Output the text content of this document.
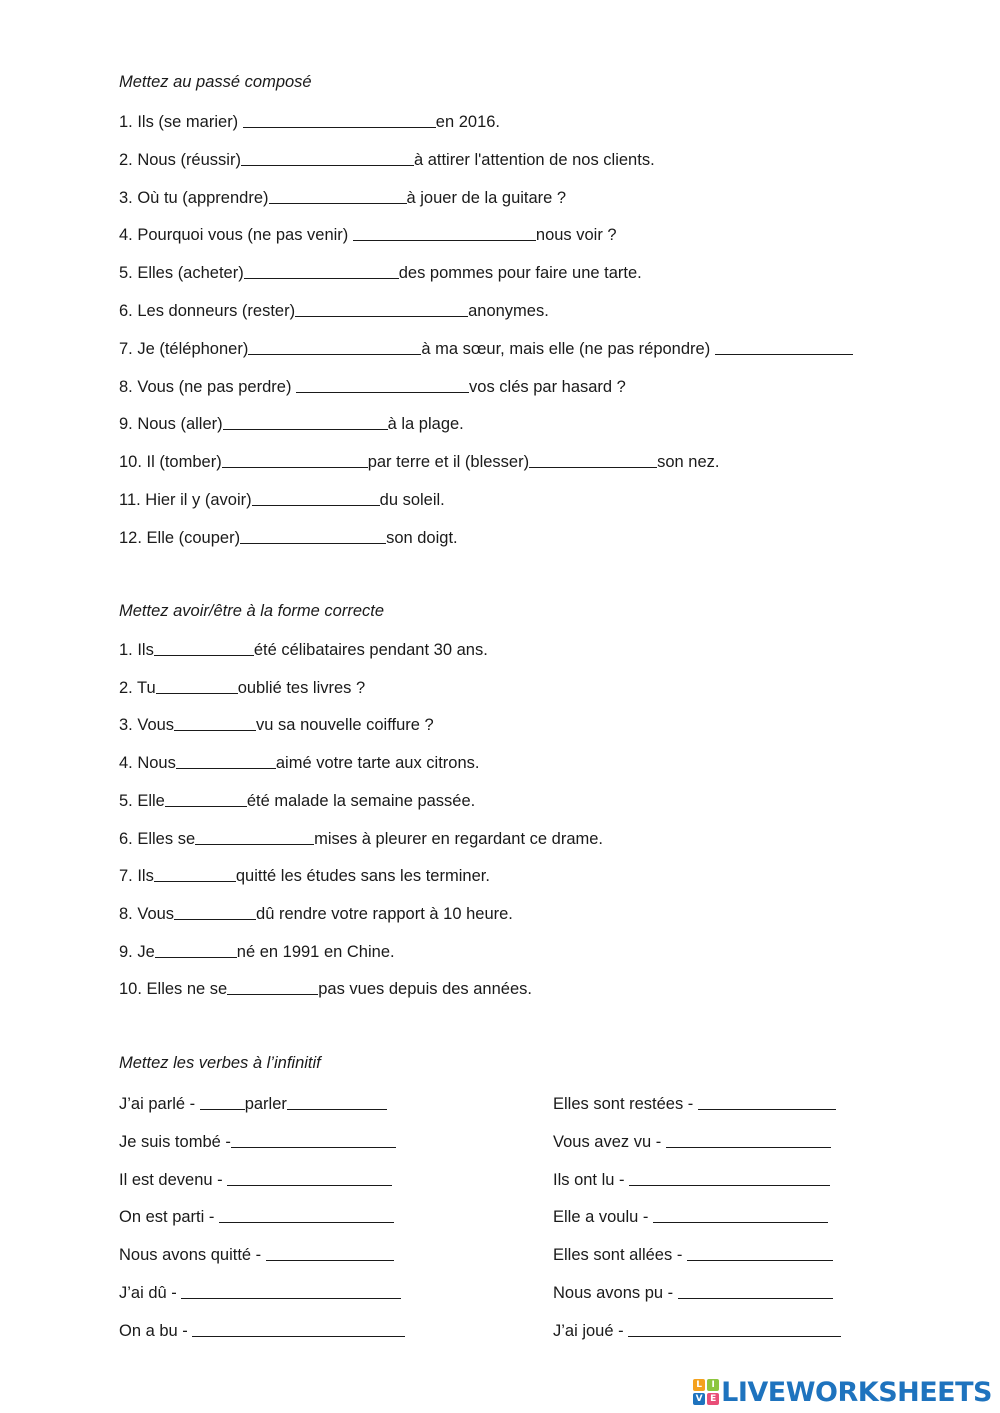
Mettez au passé composé
1. Ils (se marier)	en 2016.
2. Nous (réussir)	à attirer l'attention de nos clients.
3. Où tu (apprendre)	à jouer de la guitare ?
4. Pourquoi vous (ne pas venir)	nous voir ?
5. Elles (acheter)	des pommes pour faire une tarte.
6. Les donneurs (rester)	anonymes.
7. Je (téléphoner)	à ma sœur, mais elle (ne pas répondre)
8. Vous (ne pas perdre)	vos clés par hasard ?
9. Nous (aller)	à la plage.
10. Il (tomber)	par terre et il (blesser)	son nez.
11. Hier il y (avoir)	du soleil.
12. Elle (couper)	son doigt.
Mettez avoir/être à la forme correcte
1. Ils	été célibataires pendant 30 ans.
2. Tu	oublié tes livres ?
3. Vous	vu sa nouvelle coiffure ?
4. Nous	aimé votre tarte aux citrons.
5. Elle	été malade la semaine passée.
6. Elles se	mises à pleurer en regardant ce drame.
7. Ils	quitté les études sans les terminer.
8. Vous	dû rendre votre rapport à 10 heure.
9. Je	né en 1991 en Chine.
10. Elles ne se	pas vues depuis des années.
Mettez les verbes à l’infinitif
J’ai parlé -	parler
Je suis tombé -
Il est devenu -
On est parti -
Nous avons quitté -
J’ai dû -
On a bu -
Elles sont restées -
Vous avez vu -
Ils ont lu -
Elle a voulu -
Elles sont allées -
Nous avons pu -
J’ai joué -
L	I
V E LIVEWORKSHEETS
